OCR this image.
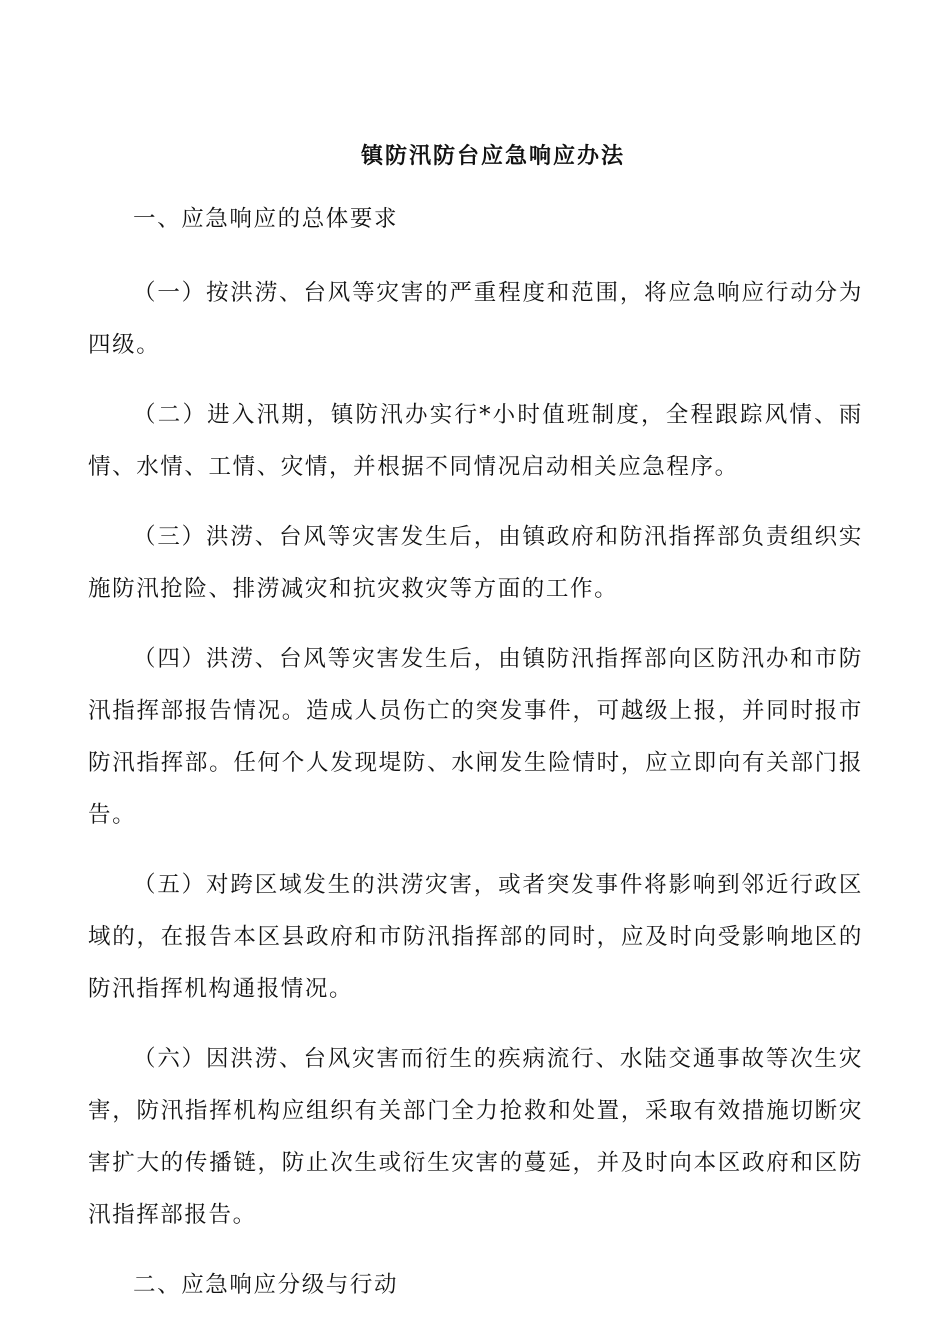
镇防汛防台应急响应办法

一、应急响应的总体要求

（一）按洪涝、台风等灾害的严重程度和范围，将应急响应行动分为四级。

（二）进入汛期，镇防汛办实行*小时值班制度，全程跟踪风情、雨情、水情、工情、灾情，并根据不同情况启动相关应急程序。

（三）洪涝、台风等灾害发生后，由镇政府和防汛指挥部负责组织实施防汛抢险、排涝减灾和抗灾救灾等方面的工作。

（四）洪涝、台风等灾害发生后，由镇防汛指挥部向区防汛办和市防汛指挥部报告情况。造成人员伤亡的突发事件，可越级上报，并同时报市防汛指挥部。任何个人发现堤防、水闸发生险情时，应立即向有关部门报告。

（五）对跨区域发生的洪涝灾害，或者突发事件将影响到邻近行政区域的，在报告本区县政府和市防汛指挥部的同时，应及时向受影响地区的防汛指挥机构通报情况。

（六）因洪涝、台风灾害而衍生的疾病流行、水陆交通事故等次生灾害，防汛指挥机构应组织有关部门全力抢救和处置，采取有效措施切断灾害扩大的传播链，防止次生或衍生灾害的蔓延，并及时向本区政府和区防汛指挥部报告。

二、应急响应分级与行动
